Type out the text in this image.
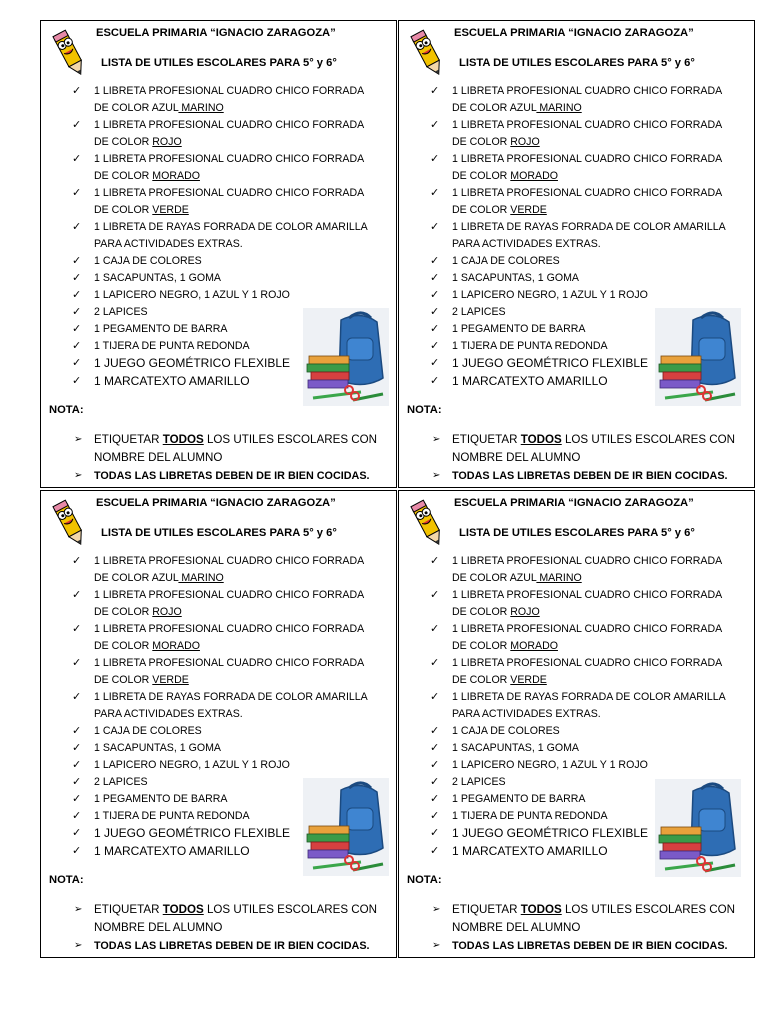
ESCUELA PRIMARIA “IGNACIO ZARAGOZA”
LISTA DE UTILES ESCOLARES PARA 5° y 6°
✓ 1 LIBRETA PROFESIONAL CUADRO CHICO FORRADA DE COLOR AZUL MARINO
✓ 1 LIBRETA PROFESIONAL CUADRO CHICO FORRADA DE COLOR ROJO
✓ 1 LIBRETA PROFESIONAL CUADRO CHICO FORRADA DE COLOR MORADO
✓ 1 LIBRETA PROFESIONAL CUADRO CHICO FORRADA DE COLOR VERDE
✓ 1 LIBRETA DE RAYAS FORRADA DE COLOR AMARILLA PARA ACTIVIDADES EXTRAS.
✓ 1 CAJA DE COLORES
✓ 1 SACAPUNTAS, 1 GOMA
✓ 1 LAPICERO NEGRO, 1 AZUL Y 1 ROJO
✓ 2 LAPICES
✓ 1 PEGAMENTO DE BARRA
✓ 1 TIJERA DE PUNTA REDONDA
✓ 1 JUEGO GEOMÉTRICO FLEXIBLE
✓ 1 MARCATEXTO AMARILLO
NOTA:
➢ ETIQUETAR TODOS LOS UTILES ESCOLARES CON NOMBRE DEL ALUMNO
➢ TODAS LAS LIBRETAS DEBEN DE IR BIEN COCIDAS.
ESCUELA PRIMARIA “IGNACIO ZARAGOZA”
LISTA DE UTILES ESCOLARES PARA 5° y 6°
✓ 1 LIBRETA PROFESIONAL CUADRO CHICO FORRADA DE COLOR AZUL MARINO
✓ 1 LIBRETA PROFESIONAL CUADRO CHICO FORRADA DE COLOR ROJO
✓ 1 LIBRETA PROFESIONAL CUADRO CHICO FORRADA DE COLOR MORADO
✓ 1 LIBRETA PROFESIONAL CUADRO CHICO FORRADA DE COLOR VERDE
✓ 1 LIBRETA DE RAYAS FORRADA DE COLOR AMARILLA PARA ACTIVIDADES EXTRAS.
✓ 1 CAJA DE COLORES
✓ 1 SACAPUNTAS, 1 GOMA
✓ 1 LAPICERO NEGRO, 1 AZUL Y 1 ROJO
✓ 2 LAPICES
✓ 1 PEGAMENTO DE BARRA
✓ 1 TIJERA DE PUNTA REDONDA
✓ 1 JUEGO GEOMÉTRICO FLEXIBLE
✓ 1 MARCATEXTO AMARILLO
NOTA:
➢ ETIQUETAR TODOS LOS UTILES ESCOLARES CON NOMBRE DEL ALUMNO
➢ TODAS LAS LIBRETAS DEBEN DE IR BIEN COCIDAS.
ESCUELA PRIMARIA “IGNACIO ZARAGOZA”
LISTA DE UTILES ESCOLARES PARA 5° y 6°
✓ 1 LIBRETA PROFESIONAL CUADRO CHICO FORRADA DE COLOR AZUL MARINO
✓ 1 LIBRETA PROFESIONAL CUADRO CHICO FORRADA DE COLOR ROJO
✓ 1 LIBRETA PROFESIONAL CUADRO CHICO FORRADA DE COLOR MORADO
✓ 1 LIBRETA PROFESIONAL CUADRO CHICO FORRADA DE COLOR VERDE
✓ 1 LIBRETA DE RAYAS FORRADA DE COLOR AMARILLA PARA ACTIVIDADES EXTRAS.
✓ 1 CAJA DE COLORES
✓ 1 SACAPUNTAS, 1 GOMA
✓ 1 LAPICERO NEGRO, 1 AZUL Y 1 ROJO
✓ 2 LAPICES
✓ 1 PEGAMENTO DE BARRA
✓ 1 TIJERA DE PUNTA REDONDA
✓ 1 JUEGO GEOMÉTRICO FLEXIBLE
✓ 1 MARCATEXTO AMARILLO
NOTA:
➢ ETIQUETAR TODOS LOS UTILES ESCOLARES CON NOMBRE DEL ALUMNO
➢ TODAS LAS LIBRETAS DEBEN DE IR BIEN COCIDAS.
ESCUELA PRIMARIA “IGNACIO ZARAGOZA”
LISTA DE UTILES ESCOLARES PARA 5° y 6°
✓ 1 LIBRETA PROFESIONAL CUADRO CHICO FORRADA DE COLOR AZUL MARINO
✓ 1 LIBRETA PROFESIONAL CUADRO CHICO FORRADA DE COLOR ROJO
✓ 1 LIBRETA PROFESIONAL CUADRO CHICO FORRADA DE COLOR MORADO
✓ 1 LIBRETA PROFESIONAL CUADRO CHICO FORRADA DE COLOR VERDE
✓ 1 LIBRETA DE RAYAS FORRADA DE COLOR AMARILLA PARA ACTIVIDADES EXTRAS.
✓ 1 CAJA DE COLORES
✓ 1 SACAPUNTAS, 1 GOMA
✓ 1 LAPICERO NEGRO, 1 AZUL Y 1 ROJO
✓ 2 LAPICES
✓ 1 PEGAMENTO DE BARRA
✓ 1 TIJERA DE PUNTA REDONDA
✓ 1 JUEGO GEOMÉTRICO FLEXIBLE
✓ 1 MARCATEXTO AMARILLO
NOTA:
➢ ETIQUETAR TODOS LOS UTILES ESCOLARES CON NOMBRE DEL ALUMNO
➢ TODAS LAS LIBRETAS DEBEN DE IR BIEN COCIDAS.
